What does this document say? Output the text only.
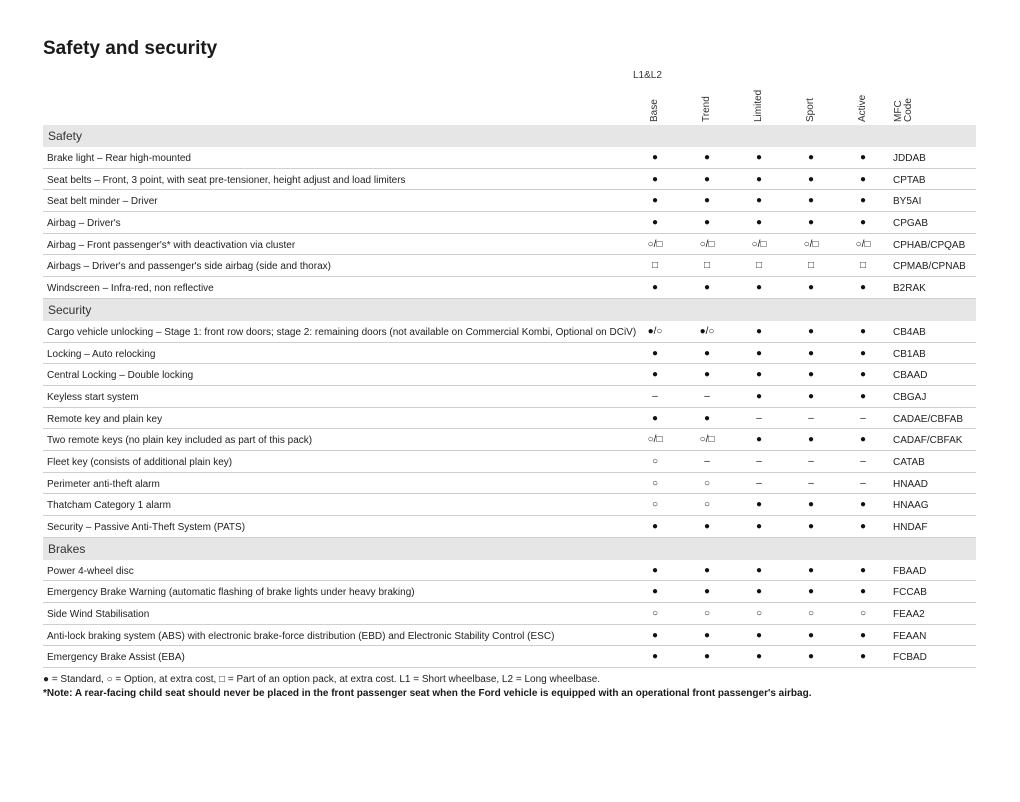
Safety and security
L1&L2
Base	Trend	Limited	Sport	Active	MFC Code
Safety
Brake light – Rear high-mounted	●	●	●	●	●	JDDAB
Seat belts – Front, 3 point, with seat pre-tensioner, height adjust and load limiters	●	●	●	●	●	CPTAB
Seat belt minder – Driver	●	●	●	●	●	BY5AI
Airbag – Driver's	●	●	●	●	●	CPGAB
Airbag – Front passenger's* with deactivation via cluster	○/□	○/□	○/□	○/□	○/□	CPHAB/CPQAB
Airbags – Driver's and passenger's side airbag (side and thorax)	□	□	□	□	□	CPMAB/CPNAB
Windscreen – Infra-red, non reflective	●	●	●	●	●	B2RAK
Security
Cargo vehicle unlocking – Stage 1: front row doors; stage 2: remaining doors (not available on Commercial Kombi, Optional on DCiV)	●/○	●/○	●	●	●	CB4AB
Locking – Auto relocking	●	●	●	●	●	CB1AB
Central Locking – Double locking	●	●	●	●	●	CBAAD
Keyless start system	–	–	●	●	●	CBGAJ
Remote key and plain key	●	●	–	–	–	CADAE/CBFAB
Two remote keys (no plain key included as part of this pack)	○/□	○/□	●	●	●	CADAF/CBFAK
Fleet key (consists of additional plain key)	○	–	–	–	–	CATAB
Perimeter anti-theft alarm	○	○	–	–	–	HNAAD
Thatcham Category 1 alarm	○	○	●	●	●	HNAAG
Security – Passive Anti-Theft System (PATS)	●	●	●	●	●	HNDAF
Brakes
Power 4-wheel disc	●	●	●	●	●	FBAAD
Emergency Brake Warning (automatic flashing of brake lights under heavy braking)	●	●	●	●	●	FCCAB
Side Wind Stabilisation	○	○	○	○	○	FEAA2
Anti-lock braking system (ABS) with electronic brake-force distribution (EBD) and Electronic Stability Control (ESC)	●	●	●	●	●	FEAAN
Emergency Brake Assist (EBA)	●	●	●	●	●	FCBAD
● = Standard, ○ = Option, at extra cost, □ = Part of an option pack, at extra cost. L1 = Short wheelbase, L2 = Long wheelbase.
*Note: A rear-facing child seat should never be placed in the front passenger seat when the Ford vehicle is equipped with an operational front passenger's airbag.
